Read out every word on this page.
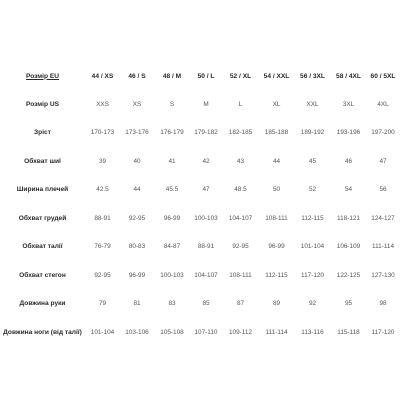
Розмір EU	44 / XS	46 / S	48 / M	50 / L	52 / XL	54 / XXL	56 / 3XL	58 / 4XL	60 / 5XL
Розмір US	XXS	XS	S	M	L	XL	XXL	3XL	4XL
Зріст	170-173	173-176	176-179	179-182	182-185	185-188	189-192	193-196	197-200
Обхват шиї	39	40	41	42	43	44	45	46	47
Ширина плечей	42.5	44	45.5	47	48.5	50	52	54	56
Обхват грудей	88-91	92-95	96-99	100-103	104-107	108-111	112-115	118-121	124-127
Обхват талії	76-79	80-83	84-87	88-91	92-95	96-99	101-104	106-109	111-114
Обхват стегон	92-95	96-99	100-103	104-107	108-111	112-115	117-120	122-125	127-130
Довжина руки	79	81	83	85	87	89	92	95	98
Довжина ноги (від талії)	101-104	103-106	105-108	107-110	109-112	111-114	113-116	115-118	117-120
